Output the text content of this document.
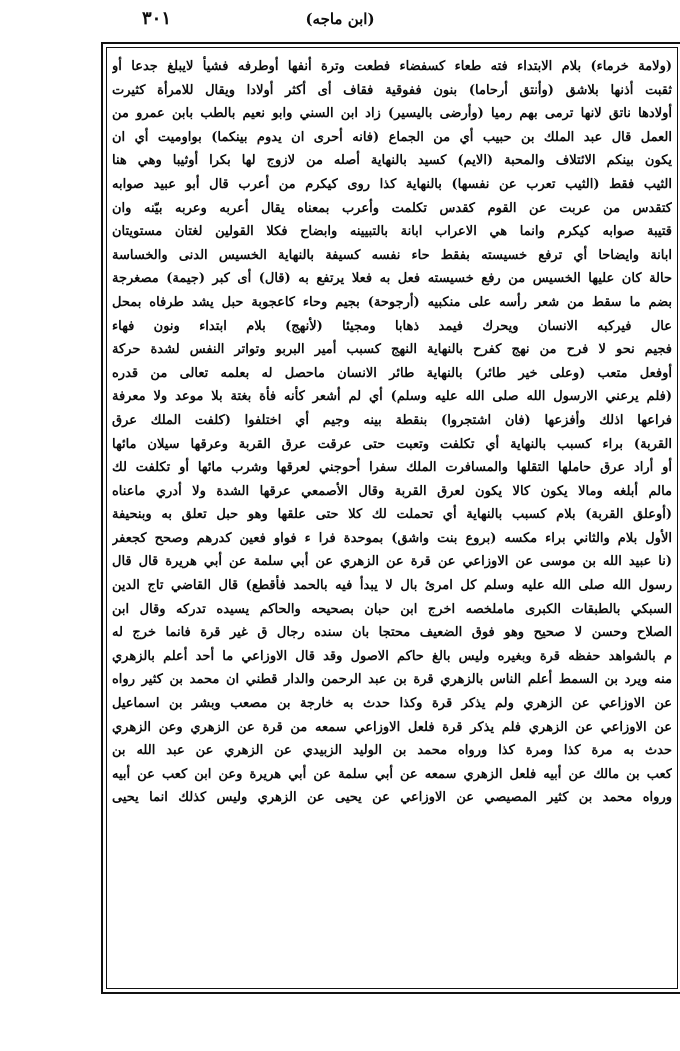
٣٠١	(ابن ماجه)
(ولامة خرماء) بلام الابتداء فته طعاء كسفضاء فطعت وترة أنفها أوطرفه فشيأ لايبلغ جدعا أو
ثقبت أذنها بلاشق (وأنتق أرحاما) بنون ففوقية فقاف أى أكثر أولادا ويقال للامرأة كثيرت
أولادها ناتق لانها ترمى بهم رميا (وأرضى باليسير) زاد ابن السني وابو نعيم بالطب بابن عمرو من
العمل قال عبد الملك بن حبيب أي من الجماع (فانه أحرى ان يدوم بينكما) بواوميت أي ان
يكون بينكم الائتلاف والمحبة (الايم) كسيد بالنهاية أصله من لازوج لها بكرا أوثيبا وهي هنا
الثيب فقط (الثيب تعرب عن نفسها) بالنهاية كذا روى كيكرم من أعرب قال أبو عبيد صوابه
كتقدس من عربت عن القوم كقدس تكلمت وأعرب بمعناه يقال أعربه وعربه بيّنه وان
قتيبة صوابه كيكرم وانما هي الاعراب ابانة بالتبيينه وابضاح فكلا القولين لغتان مستويتان
ابانة وايضاحا أي ترفع خسيسته بفقط حاء نفسه كسيفة بالنهاية الخسيس الدنى والخساسة
حالة كان عليها الخسيس من رفع خسيسته فعل به فعلا يرتفع به (قال) أى كبر (جيمة) مصغرجة
بضم ما سقط من شعر رأسه على منكبيه (أرجوحة) بجيم وحاء كاعجوبة حبل يشد طرفاه بمحل
عال فيركبه الانسان ويحرك فيمد ذهابا ومجيئا (لأنهج) بلام ابتداء ونون فهاء
فجيم نحو لا فرح من نهج كفرح بالنهاية النهج كسبب أمير البربو وتواتر النفس لشدة حركة
أوفعل متعب (وعلى خير طائر) بالنهاية طائر الانسان ماحصل له بعلمه تعالى من قدره
(فلم يرعني الارسول الله صلى الله عليه وسلم) أي لم أشعر كأنه فأة بغتة بلا موعد ولا معرفة
فراعها اذلك وأفزعها (فان اشتجروا) بنقطة بينه وجيم أي اختلفوا (كلفت الملك عرق
القربة) براء كسبب بالنهاية أي تكلفت وتعبت حتى عرقت عرق القربة وعرقها سيلان مائها
أو أراد عرق حاملها التقلها والمسافرت الملك سفرا أحوجني لعرقها وشرب مائها أو تكلفت لك
مالم أبلغه ومالا يكون كالا يكون لعرق القربة وقال الأصمعي عرقها الشدة ولا أدري ماعناه
(أوعلق القربة) بلام كسبب بالنهاية أي تحملت لك كلا حتى علقها وهو حبل تعلق به وبنحيفة
الأول بلام والثاني براء مكسه (بروع بنت واشق) بموحدة فرا ء فواو فعين كدرهم وصحح كجعفر
(نا عبيد الله بن موسى عن الاوزاعي عن قرة عن الزهري عن أبي سلمة عن أبي هريرة قال قال
رسول الله صلى الله عليه وسلم كل امرئ بال لا يبدأ فيه بالحمد فأقطع) قال القاضي تاج الدين
السبكي بالطبقات الكبرى ماملخصه اخرج ابن حبان بصحيحه والحاكم يسيده تدركه وقال ابن
الصلاح وحسن لا صحيح وهو فوق الضعيف محتجا بان سنده رجال ق غير قرة فانما خرج له
م بالشواهد حفظه قرة وبغيره وليس بالغ حاكم الاصول وقد قال الاوزاعي ما أحد أعلم بالزهري
منه ويرد بن السمط أعلم الناس بالزهري قرة بن عبد الرحمن والدار قطني ان محمد بن كثير رواه
عن الاوزاعي عن الزهري ولم يذكر قرة وكذا حدث به خارجة بن مصعب وبشر بن اسماعيل
عن الاوزاعي عن الزهري فلم يذكر قرة فلعل الاوزاعي سمعه من قرة عن الزهري وعن الزهري
حدث به مرة كذا ومرة كذا ورواه محمد بن الوليد الزبيدي عن الزهري عن عبد الله بن
كعب بن مالك عن أبيه فلعل الزهري سمعه عن أبي سلمة عن أبي هريرة وعن ابن كعب عن أبيه
ورواه محمد بن كثير المصيصي عن الاوزاعي عن يحيى عن الزهري وليس كذلك انما يحيى
